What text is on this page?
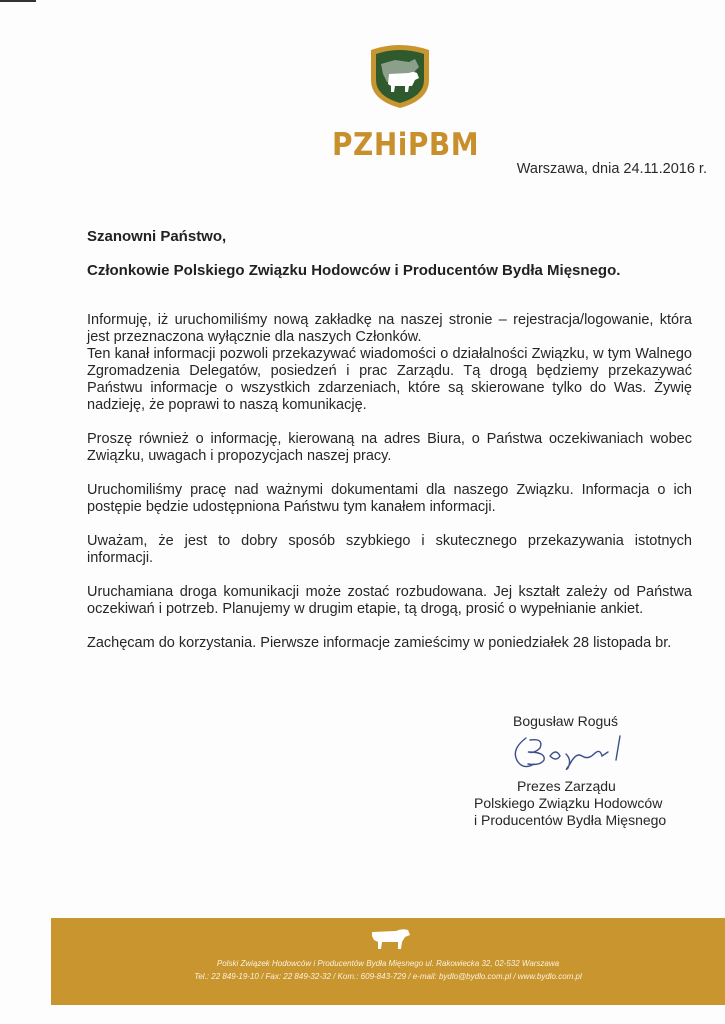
PZHiPBM
Warszawa, dnia 24.11.2016 r.
Szanowni Państwo,
Członkowie Polskiego Związku Hodowców i Producentów Bydła Mięsnego.

Informuję, iż uruchomiliśmy nową zakładkę na naszej stronie – rejestracja/logowanie, która jest przeznaczona wyłącznie dla naszych Członków.

Ten kanał informacji pozwoli przekazywać wiadomości o działalności Związku, w tym Walnego Zgromadzenia Delegatów, posiedzeń i prac Zarządu. Tą drogą będziemy przekazywać Państwu informacje o wszystkich zdarzeniach, które są skierowane tylko do Was. Żywię nadzieję, że poprawi to naszą komunikację.

Proszę również o informację, kierowaną na adres Biura, o Państwa oczekiwaniach wobec Związku, uwagach i propozycjach naszej pracy.

Uruchomiliśmy pracę nad ważnymi dokumentami dla naszego Związku. Informacja o ich postępie będzie udostępniona Państwu tym kanałem informacji.

Uważam, że jest to dobry sposób szybkiego i skutecznego przekazywania istotnych informacji.

Uruchamiana droga komunikacji może zostać rozbudowana. Jej kształt zależy od Państwa oczekiwań i potrzeb. Planujemy w drugim etapie, tą drogą, prosić o wypełnianie ankiet.

Zachęcam do korzystania. Pierwsze informacje zamieścimy w poniedziałek 28 listopada br.

Bogusław Roguś
Prezes Zarządu
Polskiego Związku Hodowców
i Producentów Bydła Mięsnego
Polski Związek Hodowców i Producentów Bydła Mięsnego ul. Rakowiecka 32, 02-532 Warszawa
Tel.: 22 849-19-10 / Fax: 22 849-32-32 / Kom.: 609-843-729 / e-mail: bydlo@bydlo.com.pl / www.bydlo.com.pl
